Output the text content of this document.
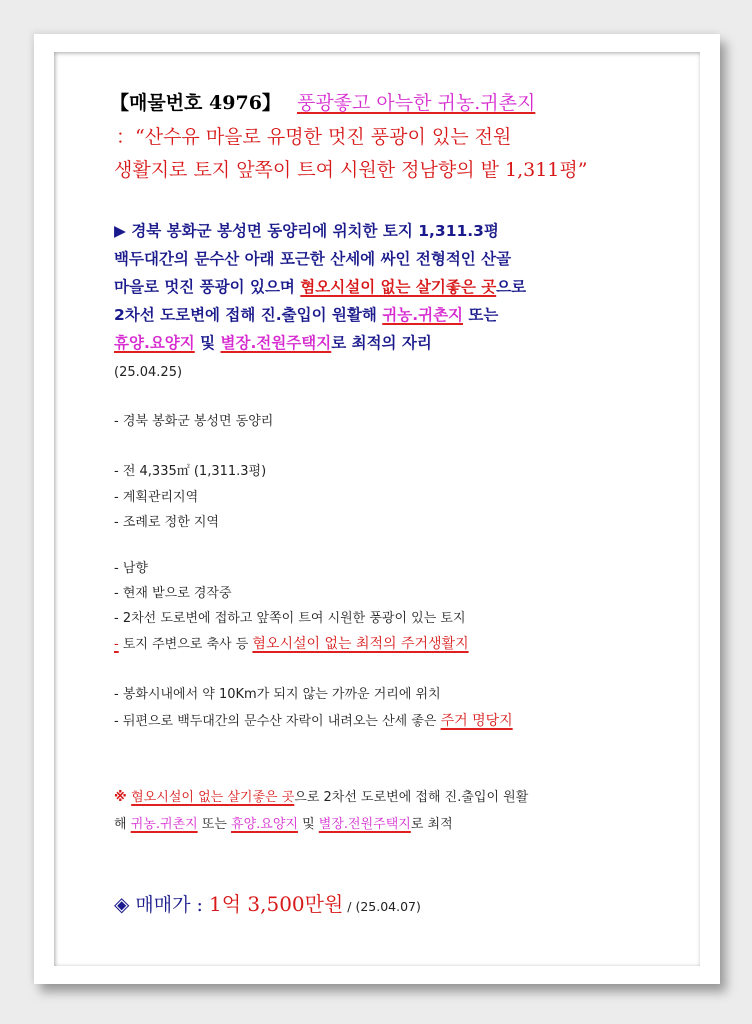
【매물번호 4976】 풍광좋고 아늑한 귀농.귀촌지
：“산수유 마을로 유명한 멋진 풍광이 있는 전원
생활지로 토지 앞쪽이 트여 시원한 정남향의 밭 1,311평”
▶ 경북 봉화군 봉성면 동양리에 위치한 토지 1,311.3평
백두대간의 문수산 아래 포근한 산세에 싸인 전형적인 산골
마을로 멋진 풍광이 있으며 혐오시설이 없는 살기좋은 곳으로
2차선 도로변에 접해 진.출입이 원활해 귀농.귀촌지 또는
휴양.요양지 및 별장.전원주택지로 최적의 자리
(25.04.25)
- 경북 봉화군 봉성면 동양리
- 전 4,335㎡ (1,311.3평)
- 계획관리지역
- 조례로 정한 지역
- 남향
- 현재 밭으로 경작중
- 2차선 도로변에 접하고 앞쪽이 트여 시원한 풍광이 있는 토지
- 토지 주변으로 축사 등 혐오시설이 없는 최적의 주거생활지
- 봉화시내에서 약 10Km가 되지 않는 가까운 거리에 위치
- 뒤편으로 백두대간의 문수산 자락이 내려오는 산세 좋은 주거 명당지
※ 혐오시설이 없는 살기좋은 곳으로 2차선 도로변에 접해 진.출입이 원활
해 귀농.귀촌지 또는 휴양.요양지 및 별장.전원주택지로 최적
◈ 매매가 : 1억 3,500만원 / (25.04.07)
